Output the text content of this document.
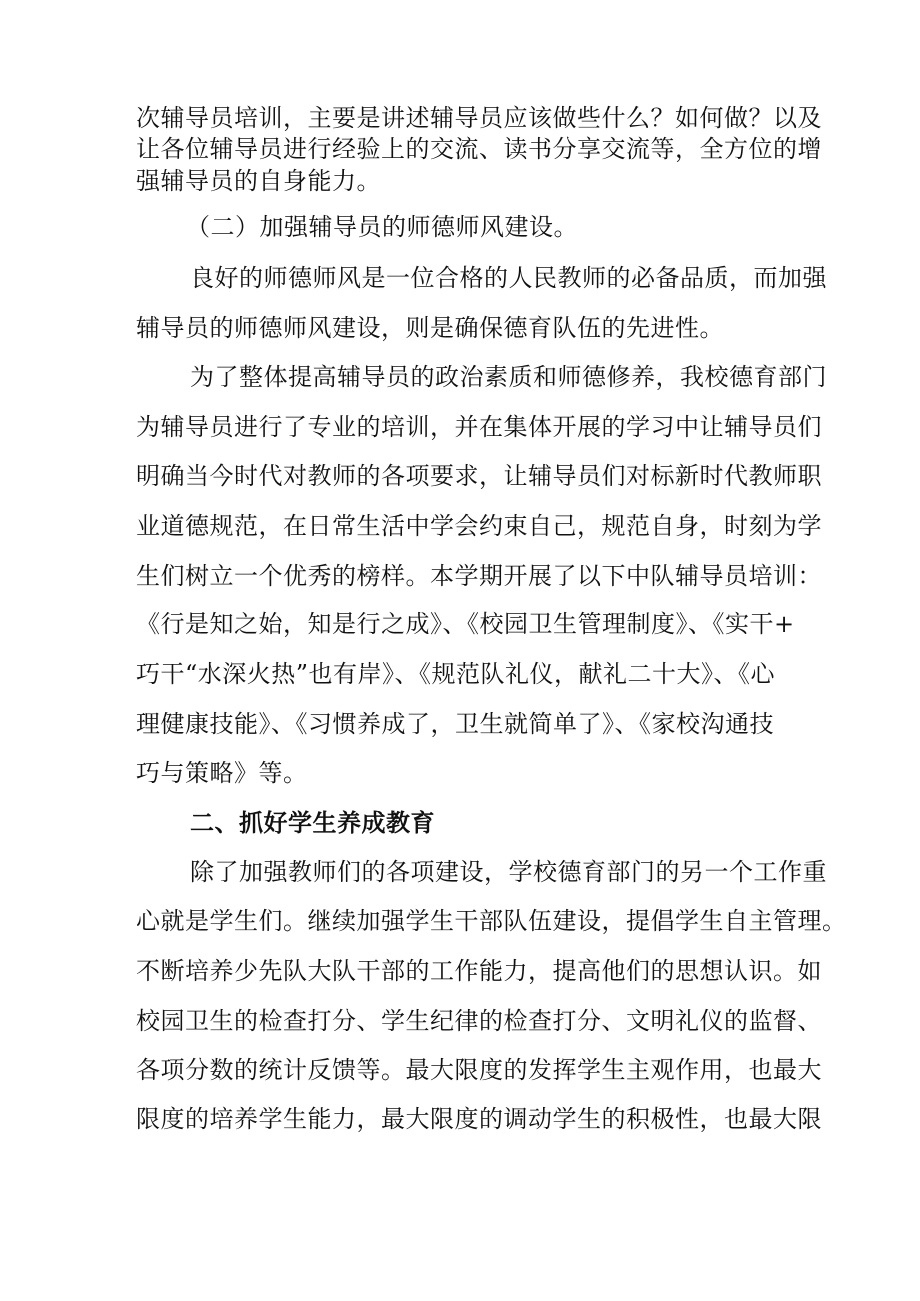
次辅导员培训，主要是讲述辅导员应该做些什么？如何做？以及
让各位辅导员进行经验上的交流、读书分享交流等，全方位的增
强辅导员的自身能力。
（二）加强辅导员的师德师风建设。
良好的师德师风是一位合格的人民教师的必备品质，而加强
辅导员的师德师风建设，则是确保德育队伍的先进性。
为了整体提高辅导员的政治素质和师德修养，我校德育部门
为辅导员进行了专业的培训，并在集体开展的学习中让辅导员们
明确当今时代对教师的各项要求，让辅导员们对标新时代教师职
业道德规范，在日常生活中学会约束自己，规范自身，时刻为学
生们树立一个优秀的榜样。本学期开展了以下中队辅导员培训：
《行是知之始，知是行之成》、《校园卫生管理制度》、《实干+
巧干“水深火热”也有岸》、《规范队礼仪，献礼二十大》、《心
理健康技能》、《习惯养成了，卫生就简单了》、《家校沟通技
巧与策略》等。
二、抓好学生养成教育
除了加强教师们的各项建设，学校德育部门的另一个工作重
心就是学生们。继续加强学生干部队伍建设，提倡学生自主管理。
不断培养少先队大队干部的工作能力，提高他们的思想认识。如
校园卫生的检查打分、学生纪律的检查打分、文明礼仪的监督、
各项分数的统计反馈等。最大限度的发挥学生主观作用，也最大
限度的培养学生能力，最大限度的调动学生的积极性，也最大限
